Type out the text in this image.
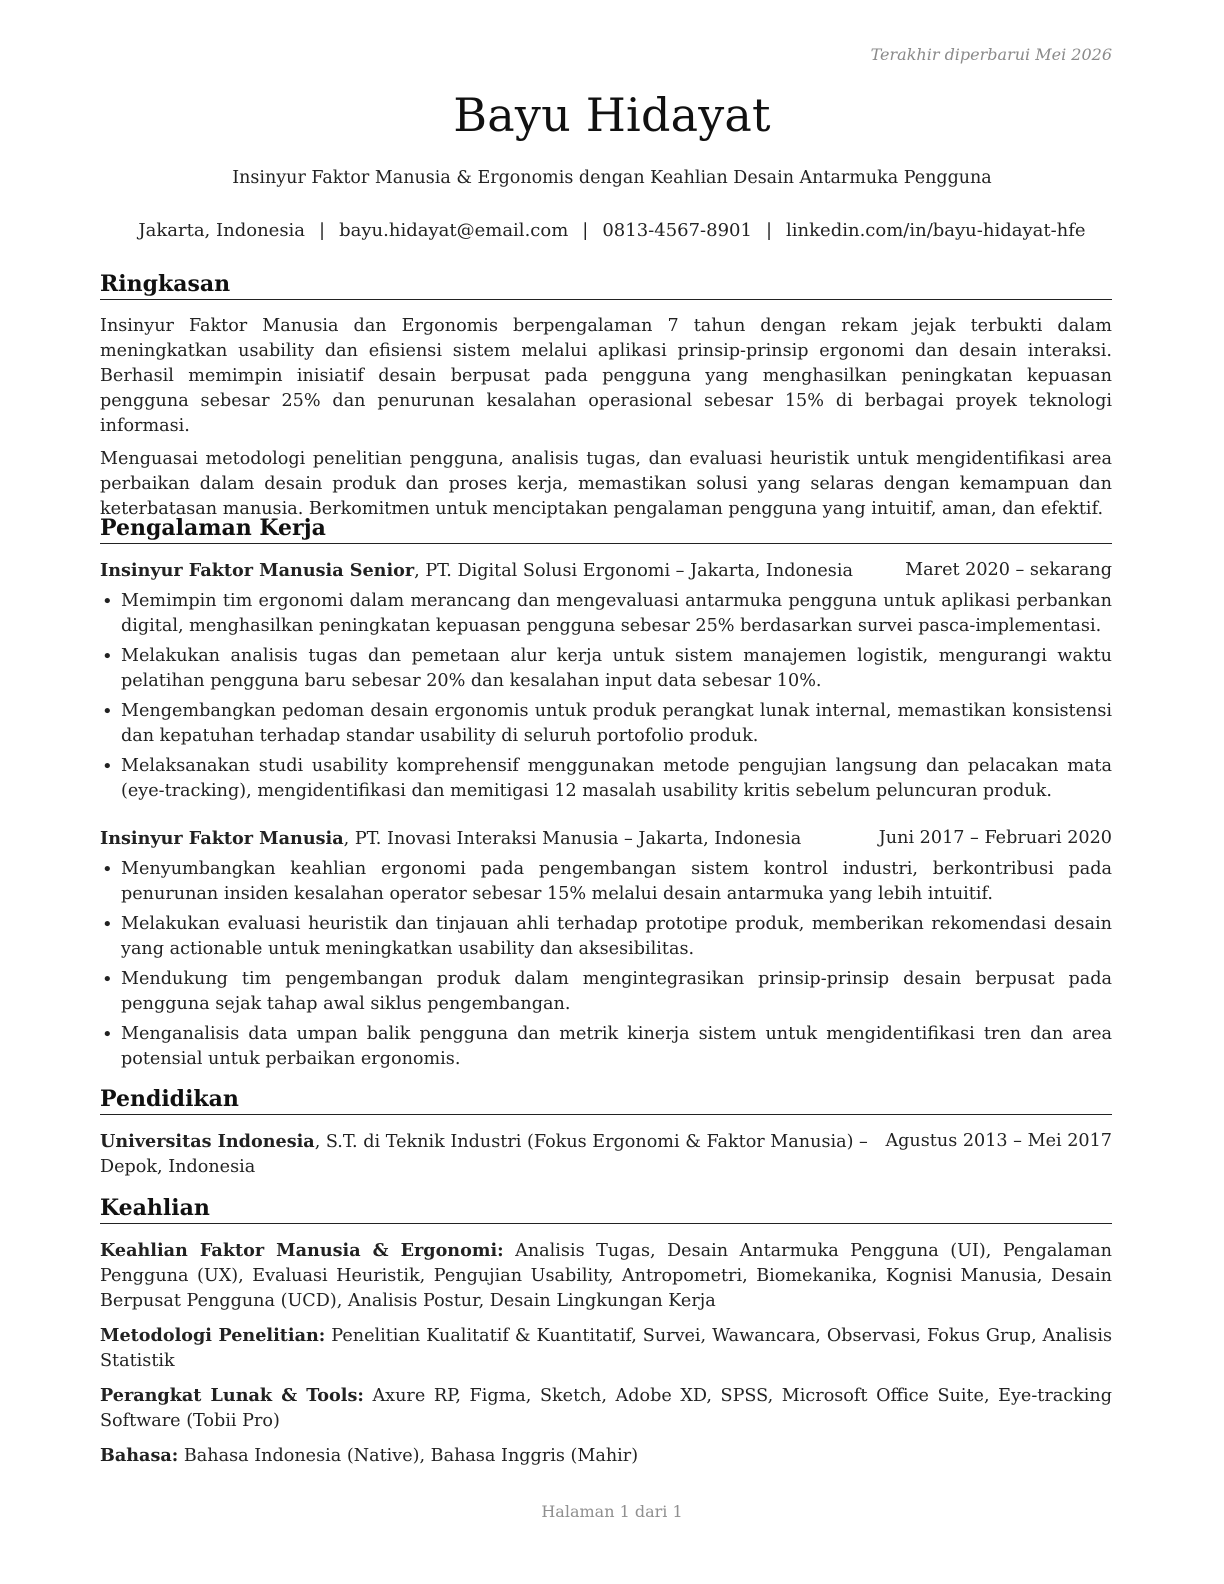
Terakhir diperbarui Mei 2026
Bayu Hidayat
Insinyur Faktor Manusia & Ergonomis dengan Keahlian Desain Antarmuka Pengguna
Jakarta, Indonesia | bayu.hidayat@email.com | 0813-4567-8901 | linkedin.com/in/bayu-hidayat-hfe
Ringkasan

Insinyur Faktor Manusia dan Ergonomis berpengalaman 7 tahun dengan rekam jejak terbukti dalam meningkatkan usability dan efisiensi sistem melalui aplikasi prinsip-prinsip ergonomi dan desain interaksi. Berhasil memimpin inisiatif desain berpusat pada pengguna yang menghasilkan peningkatan kepuasan pengguna sebesar 25% dan penurunan kesalahan operasional sebesar 15% di berbagai proyek teknologi informasi.

Menguasai metodologi penelitian pengguna, analisis tugas, dan evaluasi heuristik untuk mengidentifikasi area perbaikan dalam desain produk dan proses kerja, memastikan solusi yang selaras dengan kemampuan dan keterbatasan manusia. Berkomitmen untuk menciptakan pengalaman pengguna yang intuitif, aman, dan efektif.

Pengalaman Kerja
Insinyur Faktor Manusia Senior, PT. Digital Solusi Ergonomi – Jakarta, Indonesia	Maret 2020 – sekarang
• Memimpin tim ergonomi dalam merancang dan mengevaluasi antarmuka pengguna untuk aplikasi perbankan digital, menghasilkan peningkatan kepuasan pengguna sebesar 25% berdasarkan survei pasca-implementasi.
• Melakukan analisis tugas dan pemetaan alur kerja untuk sistem manajemen logistik, mengurangi waktu pelatihan pengguna baru sebesar 20% dan kesalahan input data sebesar 10%.
• Mengembangkan pedoman desain ergonomis untuk produk perangkat lunak internal, memastikan konsistensi dan kepatuhan terhadap standar usability di seluruh portofolio produk.
• Melaksanakan studi usability komprehensif menggunakan metode pengujian langsung dan pelacakan mata (eye-tracking), mengidentifikasi dan memitigasi 12 masalah usability kritis sebelum peluncuran produk.
Insinyur Faktor Manusia, PT. Inovasi Interaksi Manusia – Jakarta, Indonesia	Juni 2017 – Februari 2020
• Menyumbangkan keahlian ergonomi pada pengembangan sistem kontrol industri, berkontribusi pada penurunan insiden kesalahan operator sebesar 15% melalui desain antarmuka yang lebih intuitif.
• Melakukan evaluasi heuristik dan tinjauan ahli terhadap prototipe produk, memberikan rekomendasi desain yang actionable untuk meningkatkan usability dan aksesibilitas.
• Mendukung tim pengembangan produk dalam mengintegrasikan prinsip-prinsip desain berpusat pada pengguna sejak tahap awal siklus pengembangan.
• Menganalisis data umpan balik pengguna dan metrik kinerja sistem untuk mengidentifikasi tren dan area potensial untuk perbaikan ergonomis.
Pendidikan
Universitas Indonesia, S.T. di Teknik Industri (Fokus Ergonomi & Faktor Manusia) – Agustus 2013 – Mei 2017
Depok, Indonesia
Keahlian

Keahlian Faktor Manusia & Ergonomi: Analisis Tugas, Desain Antarmuka Pengguna (UI), Pengalaman Pengguna (UX), Evaluasi Heuristik, Pengujian Usability, Antropometri, Biomekanika, Kognisi Manusia, Desain Berpusat Pengguna (UCD), Analisis Postur, Desain Lingkungan Kerja

Metodologi Penelitian: Penelitian Kualitatif & Kuantitatif, Survei, Wawancara, Observasi, Fokus Grup, Analisis Statistik

Perangkat Lunak & Tools: Axure RP, Figma, Sketch, Adobe XD, SPSS, Microsoft Office Suite, Eye-tracking Software (Tobii Pro)

Bahasa: Bahasa Indonesia (Native), Bahasa Inggris (Mahir)

Halaman 1 dari 1
